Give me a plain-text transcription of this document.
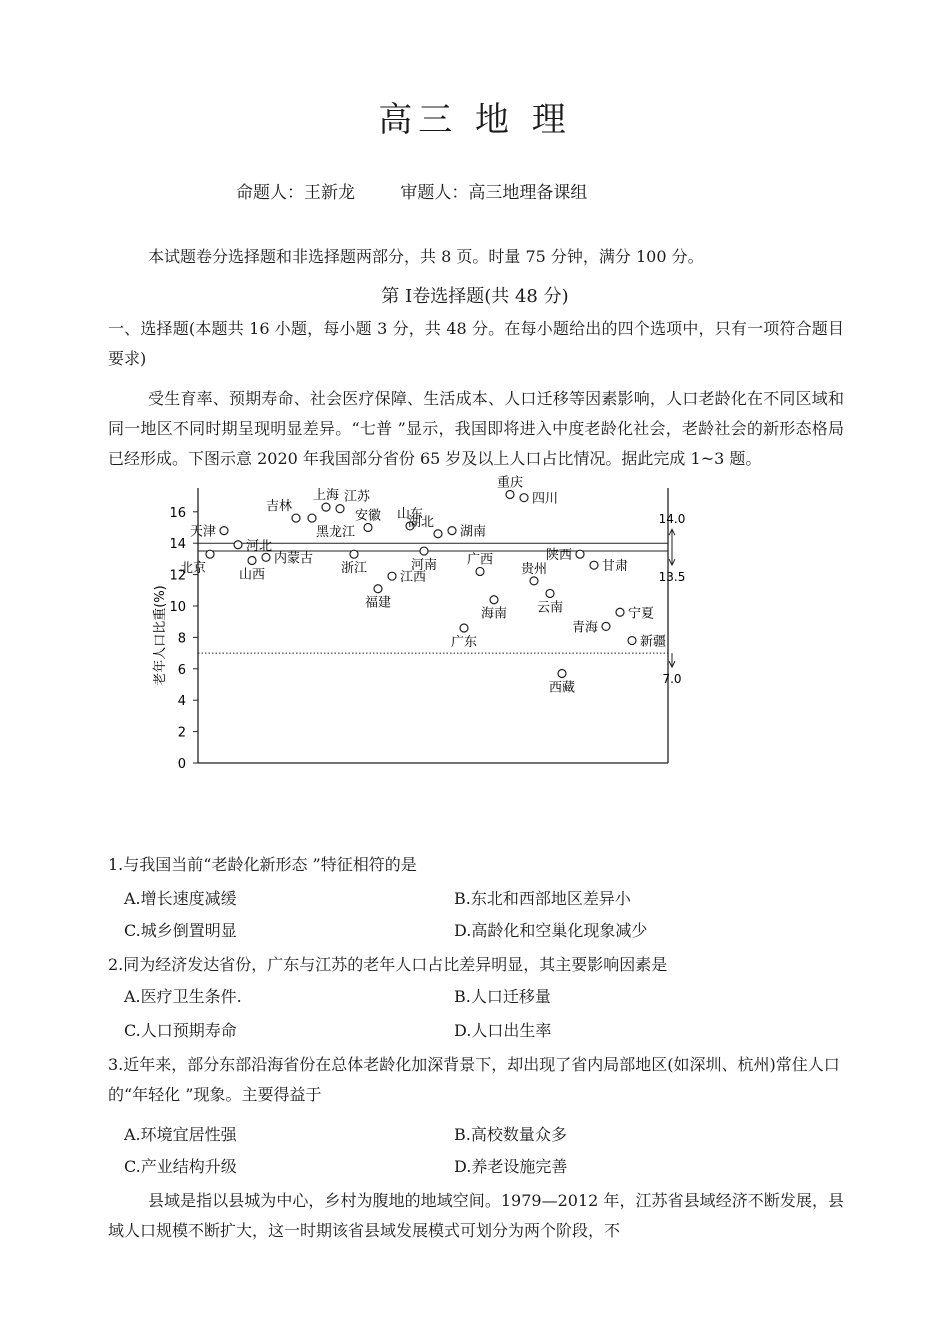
高三 地 理
命题人：王新龙	审题人：高三地理备课组
本试题卷分选择题和非选择题两部分，共 8 页。时量 75 分钟，满分 100 分。
第 Ⅰ卷选择题(共 48 分)
一、选择题(本题共 16 小题，每小题 3 分，共 48 分。在每小题给出的四个选项中，只有一项符合题目要求)
受生育率、预期寿命、社会医疗保障、生活成本、人口迁移等因素影响，人口老龄化在不同区域和同一地区不同时期呈现明显差异。“七普 ”显示，我国即将进入中度老龄化社会，老龄社会的新形态格局已经形成。下图示意 2020 年我国部分省份 65 岁及以上人口占比情况。据此完成 1~3 题。
老年人口比重(%)
0
2
4
6
8
10
12
14
16	14.0
13.5
7.0
北京
天津
河北
山西
内蒙古
吉林
黑龙江
上海 江苏
安徽
浙江
福建
江西
山东
河南
湖北
湖南
重庆
四川
广东
广西
海南
贵州
云南
陕西
甘肃
青海
宁夏
新疆
西藏
1.与我国当前“老龄化新形态 ”特征相符的是
A.增长速度减缓	B.东北和西部地区差异小
C.城乡倒置明显	D.高龄化和空巢化现象减少
2.同为经济发达省份，广东与江苏的老年人口占比差异明显，其主要影响因素是
A.医疗卫生条件.	B.人口迁移量
C.人口预期寿命	D.人口出生率
3.近年来，部分东部沿海省份在总体老龄化加深背景下，却出现了省内局部地区(如深圳、杭州)常住人口的“年轻化 ”现象。主要得益于
A.环境宜居性强	B.高校数量众多
C.产业结构升级	D.养老设施完善
县域是指以县城为中心，乡村为腹地的地域空间。1979—2012 年，江苏省县域经济不断发展，县域人口规模不断扩大，这一时期该省县域发展模式可划分为两个阶段，不
